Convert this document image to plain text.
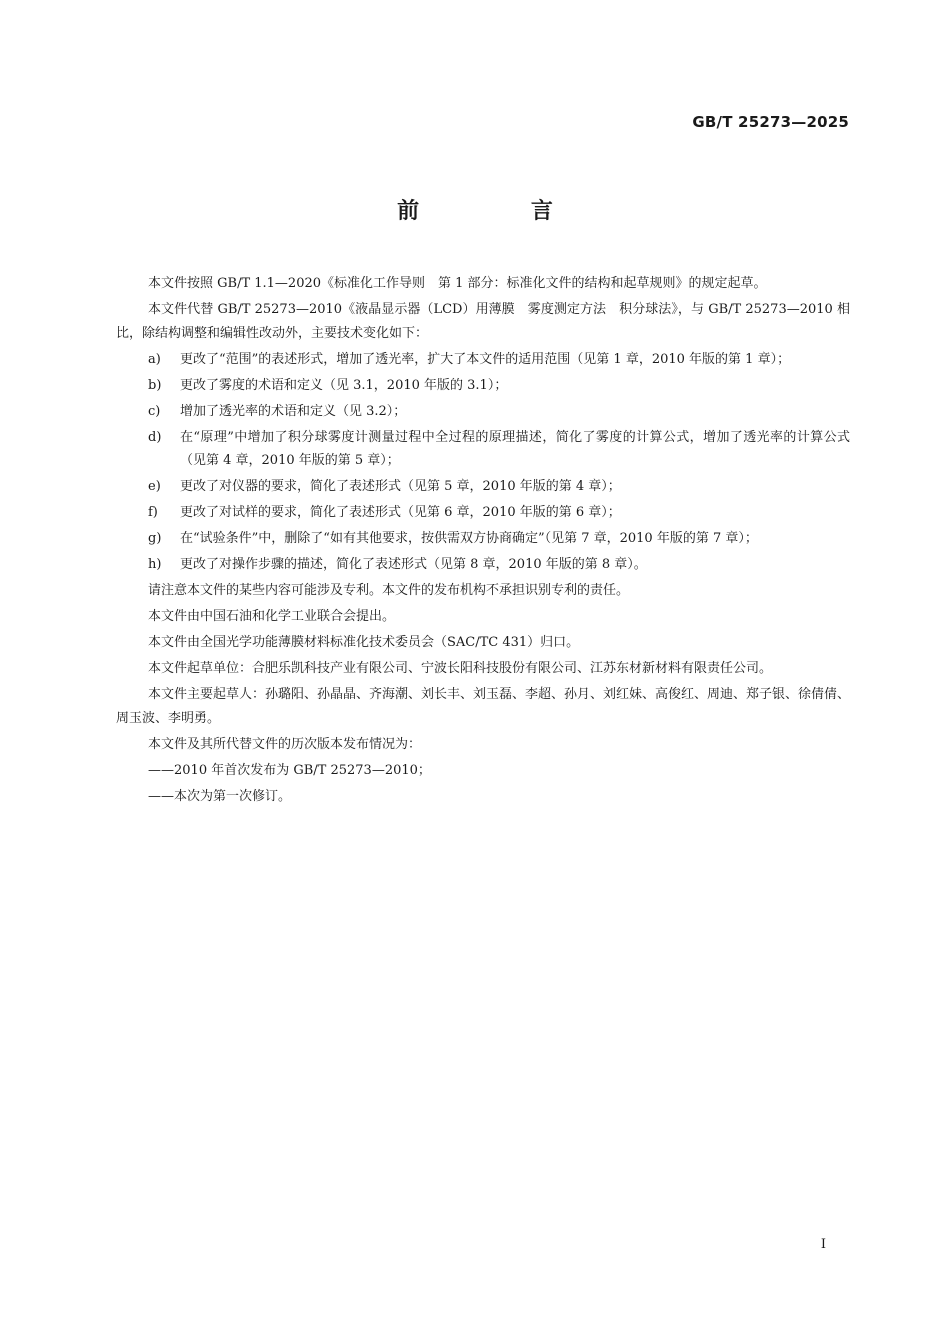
GB/T 25273—2025
前 言

本文件按照 GB/T 1.1—2020《标准化工作导则　第 1 部分：标准化文件的结构和起草规则》的规定起草。

本文件代替 GB/T 25273—2010《液晶显示器（LCD）用薄膜　雾度测定方法　积分球法》，与 GB/T 25273—2010 相比，除结构调整和编辑性改动外，主要技术变化如下：

a)	更改了“范围”的表述形式，增加了透光率，扩大了本文件的适用范围（见第 1 章，2010 年版的第 1 章）；
b)	更改了雾度的术语和定义（见 3.1，2010 年版的 3.1）；
c)	增加了透光率的术语和定义（见 3.2）；
d)	在“原理”中增加了积分球雾度计测量过程中全过程的原理描述，简化了雾度的计算公式，增加了透光率的计算公式（见第 4 章，2010 年版的第 5 章）；
e)	更改了对仪器的要求，简化了表述形式（见第 5 章，2010 年版的第 4 章）；
f)	更改了对试样的要求，简化了表述形式（见第 6 章，2010 年版的第 6 章）；
g)	在“试验条件”中，删除了“如有其他要求，按供需双方协商确定”（见第 7 章，2010 年版的第 7 章）；
h)	更改了对操作步骤的描述，简化了表述形式（见第 8 章，2010 年版的第 8 章）。

请注意本文件的某些内容可能涉及专利。本文件的发布机构不承担识别专利的责任。

本文件由中国石油和化学工业联合会提出。

本文件由全国光学功能薄膜材料标准化技术委员会（SAC/TC 431）归口。

本文件起草单位：合肥乐凯科技产业有限公司、宁波长阳科技股份有限公司、江苏东材新材料有限责任公司。

本文件主要起草人：孙璐阳、孙晶晶、齐海潮、刘长丰、刘玉磊、李超、孙月、刘红妹、高俊红、周迪、郑子银、徐倩倩、周玉波、李明勇。

本文件及其所代替文件的历次版本发布情况为：

——2010 年首次发布为 GB/T 25273—2010；

——本次为第一次修订。

I
